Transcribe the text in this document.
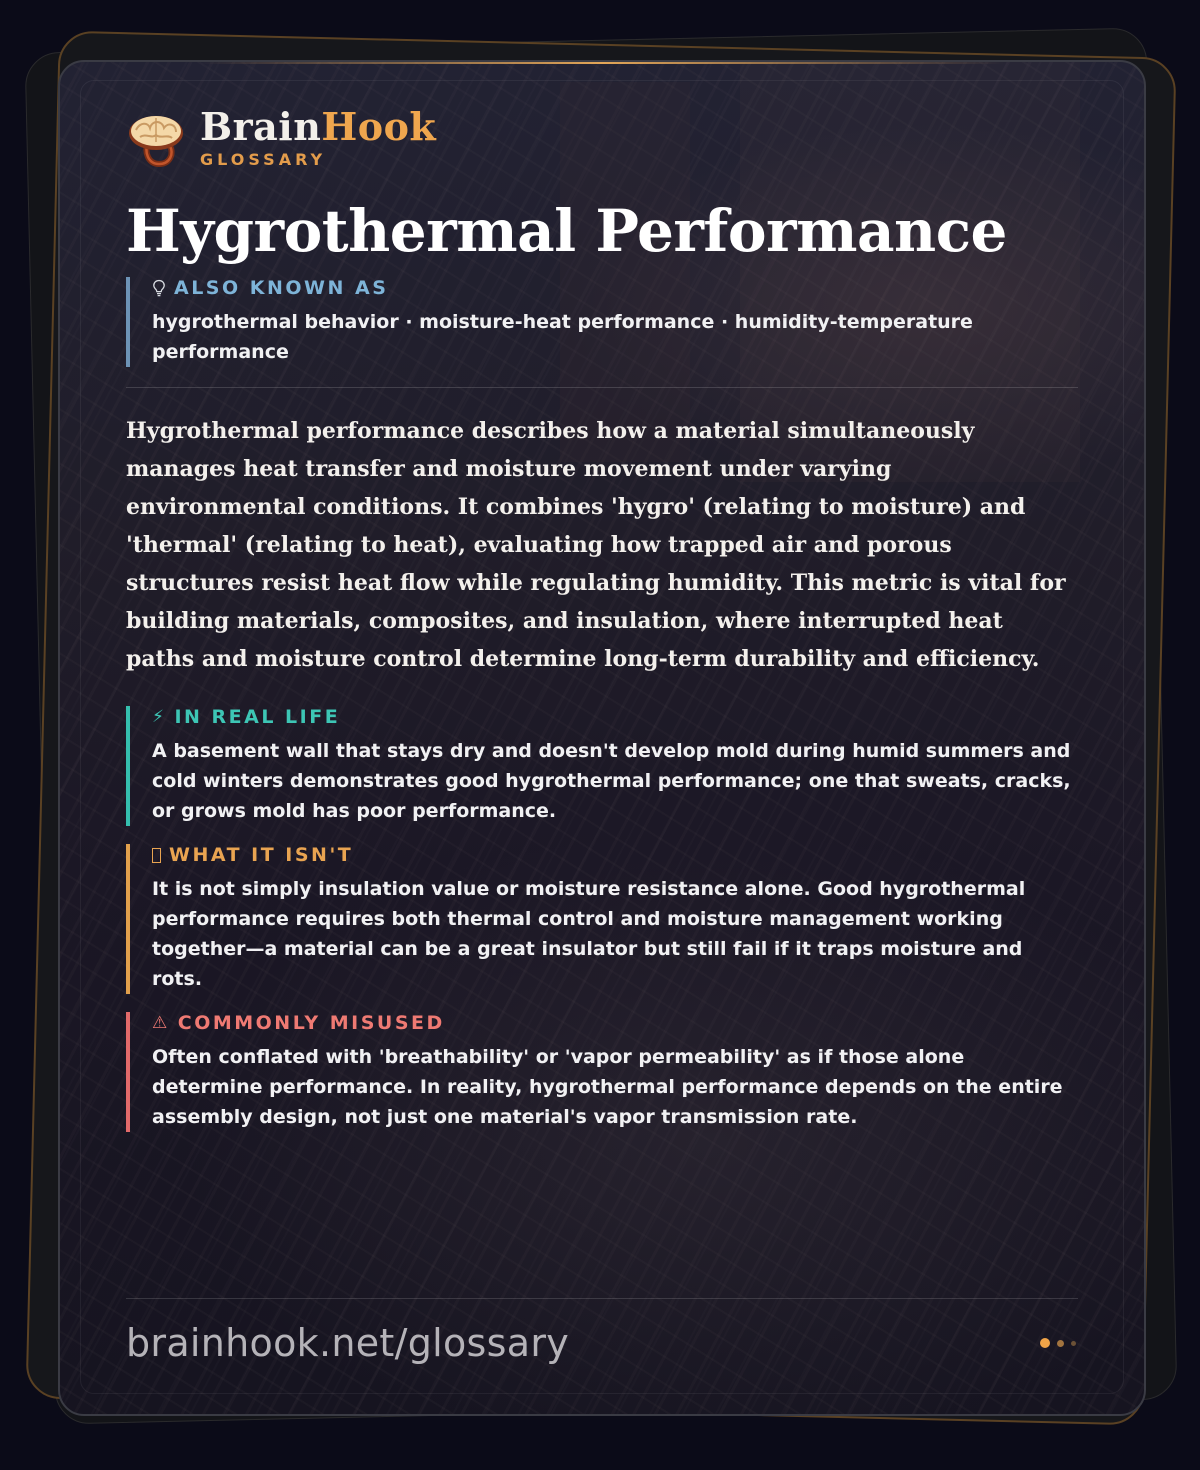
BrainHook
GLOSSARY
Hygrothermal Performance
ALSO KNOWN AS
hygrothermal behavior · moisture-heat performance · humidity-temperature performance

Hygrothermal performance describes how a material simultaneously manages heat transfer and moisture movement under varying environmental conditions. It combines 'hygro' (relating to moisture) and 'thermal' (relating to heat), evaluating how trapped air and porous structures resist heat flow while regulating humidity. This metric is vital for building materials, composites, and insulation, where interrupted heat paths and moisture control determine long-term durability and efficiency.

⚡ IN REAL LIFE
A basement wall that stays dry and doesn't develop mold during humid summers and cold winters demonstrates good hygrothermal performance; one that sweats, cracks, or grows mold has poor performance.
WHAT IT ISN'T
It is not simply insulation value or moisture resistance alone. Good hygrothermal performance requires both thermal control and moisture management working together—a material can be a great insulator but still fail if it traps moisture and rots.
⚠ COMMONLY MISUSED
Often conflated with 'breathability' or 'vapor permeability' as if those alone determine performance. In reality, hygrothermal performance depends on the entire assembly design, not just one material's vapor transmission rate.
brainhook.net/glossary
